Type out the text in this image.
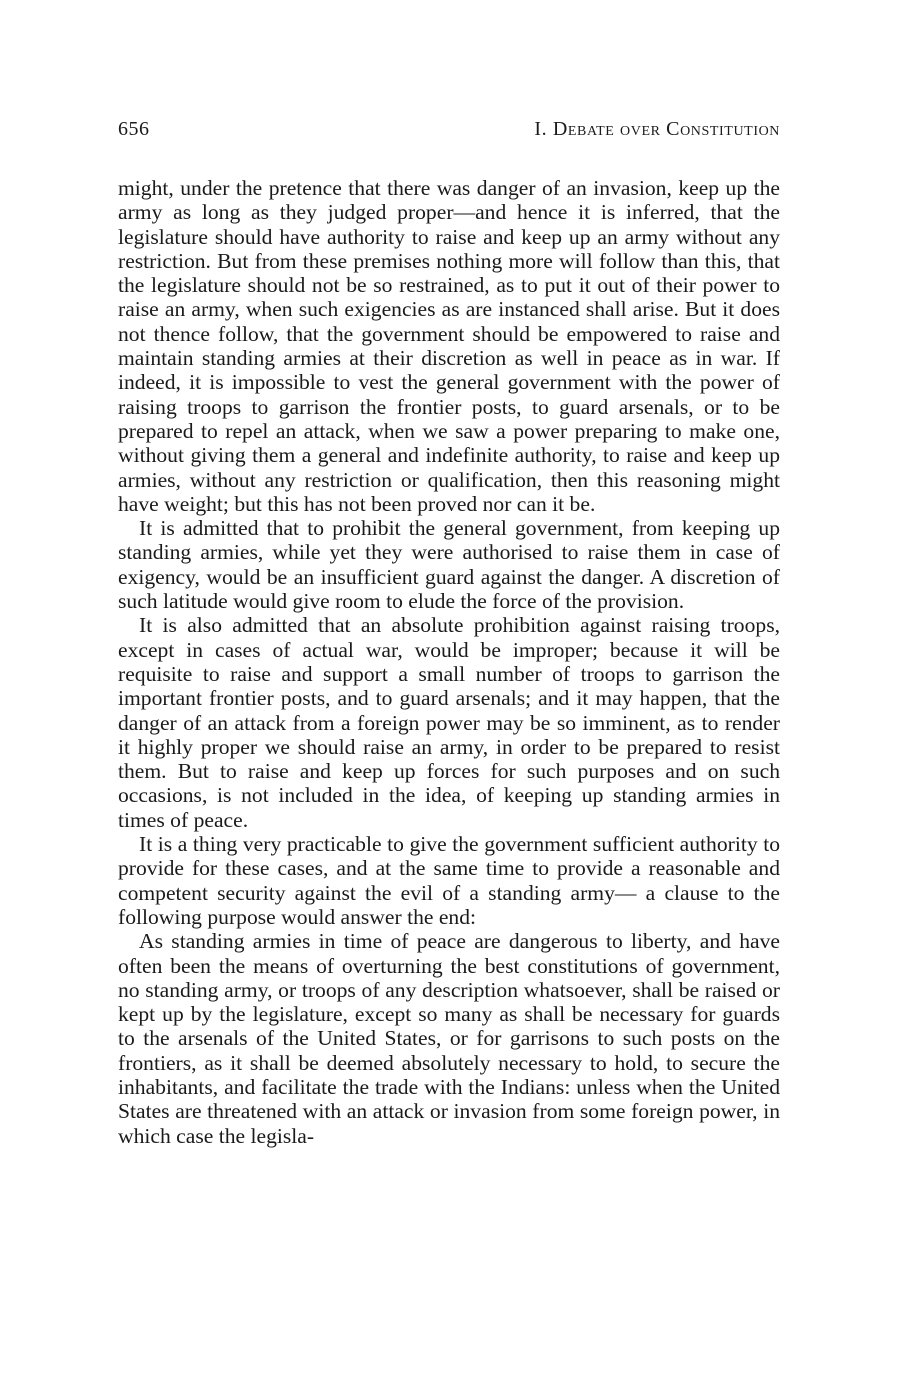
656	I. Debate over Constitution

might, under the pretence that there was danger of an invasion, keep up the army as long as they judged proper—and hence it is inferred, that the legislature should have authority to raise and keep up an army without any restriction. But from these premises nothing more will follow than this, that the legislature should not be so restrained, as to put it out of their power to raise an army, when such exigencies as are instanced shall arise. But it does not thence follow, that the government should be empowered to raise and maintain standing armies at their discretion as well in peace as in war. If indeed, it is impossible to vest the general government with the power of raising troops to garrison the frontier posts, to guard arsenals, or to be prepared to repel an attack, when we saw a power preparing to make one, without giving them a general and indefinite authority, to raise and keep up armies, without any restriction or qualification, then this reasoning might have weight; but this has not been proved nor can it be.

It is admitted that to prohibit the general government, from keeping up standing armies, while yet they were authorised to raise them in case of exigency, would be an insufficient guard against the danger. A discretion of such latitude would give room to elude the force of the provision.

It is also admitted that an absolute prohibition against raising troops, except in cases of actual war, would be improper; because it will be requisite to raise and support a small number of troops to garrison the important frontier posts, and to guard arsenals; and it may happen, that the danger of an attack from a foreign power may be so imminent, as to render it highly proper we should raise an army, in order to be prepared to resist them. But to raise and keep up forces for such purposes and on such occasions, is not included in the idea, of keeping up standing armies in times of peace.

It is a thing very practicable to give the government sufficient authority to provide for these cases, and at the same time to provide a reasonable and competent security against the evil of a standing army— a clause to the following purpose would answer the end:

As standing armies in time of peace are dangerous to liberty, and have often been the means of overturning the best constitutions of government, no standing army, or troops of any description whatsoever, shall be raised or kept up by the legislature, except so many as shall be necessary for guards to the arsenals of the United States, or for garrisons to such posts on the frontiers, as it shall be deemed absolutely necessary to hold, to secure the inhabitants, and facilitate the trade with the Indians: unless when the United States are threatened with an attack or invasion from some foreign power, in which case the legisla-
